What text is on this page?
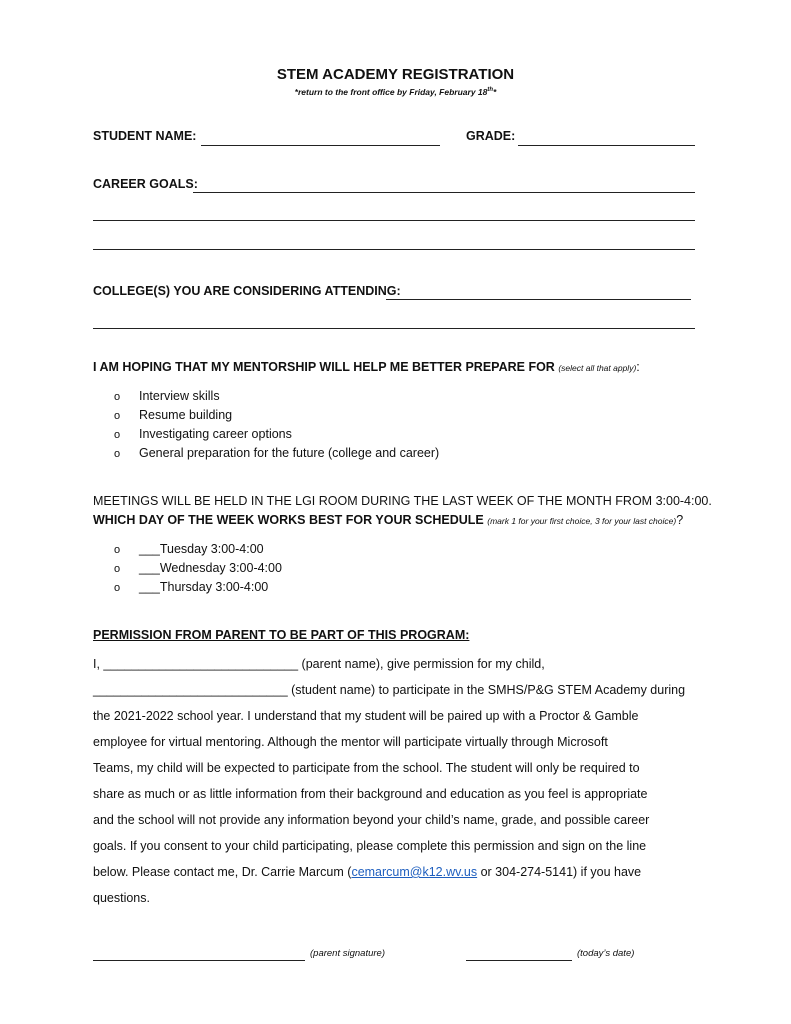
STEM ACADEMY REGISTRATION
*return to the front office by Friday, February 18th*
STUDENT NAME:	GRADE:
CAREER GOALS:
COLLEGE(S) YOU ARE CONSIDERING ATTENDING:
I AM HOPING THAT MY MENTORSHIP WILL HELP ME BETTER PREPARE FOR (select all that apply):
o Interview skills
o Resume building
o Investigating career options
o General preparation for the future (college and career)
MEETINGS WILL BE HELD IN THE LGI ROOM DURING THE LAST WEEK OF THE MONTH FROM 3:00-4:00.
WHICH DAY OF THE WEEK WORKS BEST FOR YOUR SCHEDULE (mark 1 for your first choice, 3 for your last choice)?
o ___Tuesday 3:00-4:00
o ___Wednesday 3:00-4:00
o ___Thursday 3:00-4:00
PERMISSION FROM PARENT TO BE PART OF THIS PROGRAM:
I, ____________________________ (parent name), give permission for my child,
____________________________ (student name) to participate in the SMHS/P&G STEM Academy during
the 2021-2022 school year. I understand that my student will be paired up with a Proctor & Gamble
employee for virtual mentoring. Although the mentor will participate virtually through Microsoft
Teams, my child will be expected to participate from the school. The student will only be required to
share as much or as little information from their background and education as you feel is appropriate
and the school will not provide any information beyond your child’s name, grade, and possible career
goals. If you consent to your child participating, please complete this permission and sign on the line
below. Please contact me, Dr. Carrie Marcum (cemarcum@k12.wv.us or 304-274-5141) if you have
questions.
(parent signature)	(today’s date)
